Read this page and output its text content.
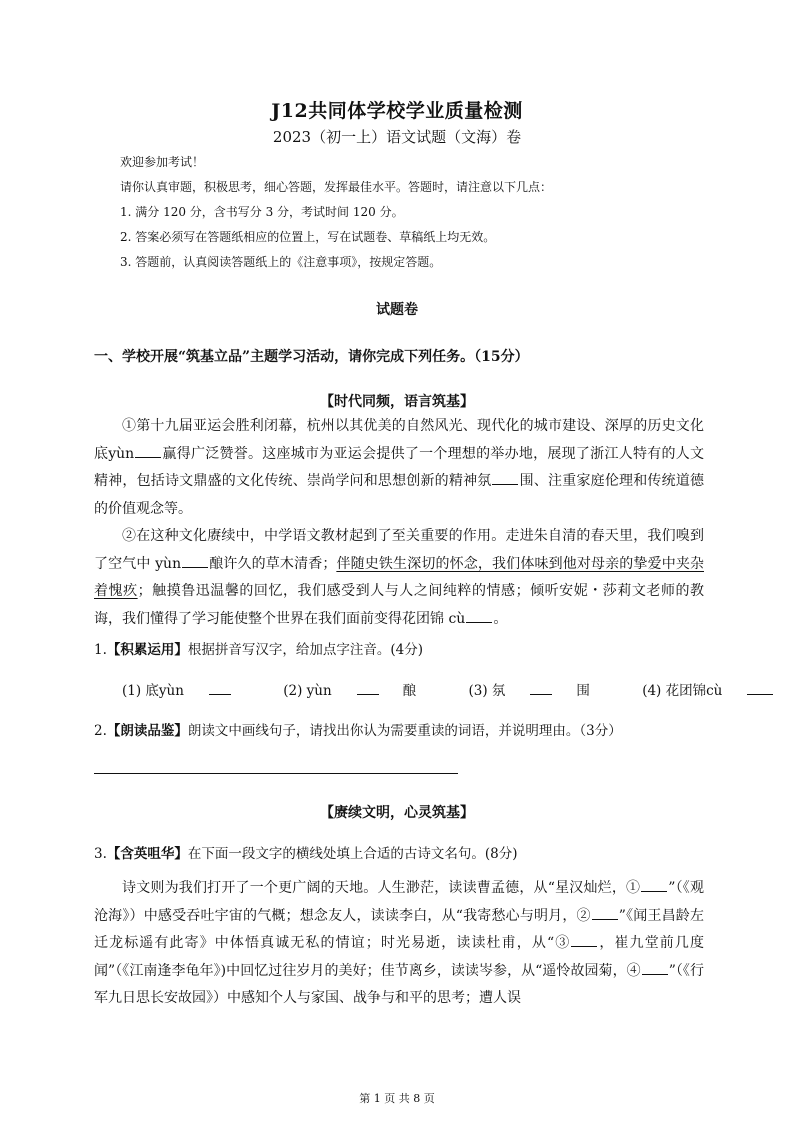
J12共同体学校学业质量检测
2023（初一上）语文试题（文海）卷
欢迎参加考试！
请你认真审题，积极思考，细心答题，发挥最佳水平。答题时，请注意以下几点：
1. 满分 120 分，含书写分 3 分，考试时间 120 分。
2. 答案必须写在答题纸相应的位置上，写在试题卷、草稿纸上均无效。
3. 答题前，认真阅读答题纸上的《注意事项》，按规定答题。
试题卷
一、学校开展“筑基立品”主题学习活动，请你完成下列任务。（15分）
【时代同频，语言筑基】
①第十九届亚运会胜利闭幕，杭州以其优美的自然风光、现代化的城市建设、深厚的历史文化底yùn 赢得广泛赞誉。这座城市为亚运会提供了一个理想的举办地，展现了浙江人特有的人文精神，包括诗文鼎盛的文化传统、崇尚学问和思想创新的精神氛 围、注重家庭伦理和传统道德的价值观念等。
②在这种文化赓续中，中学语文教材起到了至关重要的作用。走进朱自清的春天里，我们嗅到了空气中 yùn 酿许久的草木清香；伴随史铁生深切的怀念，我们体味到他对母亲的挚爱中夹杂着愧疚；触摸鲁迅温馨的回忆，我们感受到人与人之间纯粹的情感；倾听安妮・莎莉文老师的教诲，我们懂得了学习能使整个世界在我们面前变得花团锦 cù 。
1.【积累运用】根据拼音写汉字，给加点字注音。(4分)
(1) 底yùn	(2) yùn	酿	(3) 氛	围	(4) 花团锦cù
2.【朗读品鉴】朗读文中画线句子，请找出你认为需要重读的词语，并说明理由。（3分）
【赓续文明，心灵筑基】
3.【含英咀华】在下面一段文字的横线处填上合适的古诗文名句。(8分)
诗文则为我们打开了一个更广阔的天地。人生渺茫，读读曹孟德，从“星汉灿烂，① ”（《观沧海》）中感受吞吐宇宙的气概；想念友人，读读李白，从“我寄愁心与明月，② ”《闻王昌龄左迁龙标遥有此寄》中体悟真诚无私的情谊；时光易逝，读读杜甫，从“③ ，崔九堂前几度闻”（《江南逢李龟年》)中回忆过往岁月的美好；佳节离乡，读读岑参，从“遥怜故园菊，④ ”（《行军九日思长安故园》）中感知个人与家国、战争与和平的思考；遭人误
第 1 页 共 8 页
